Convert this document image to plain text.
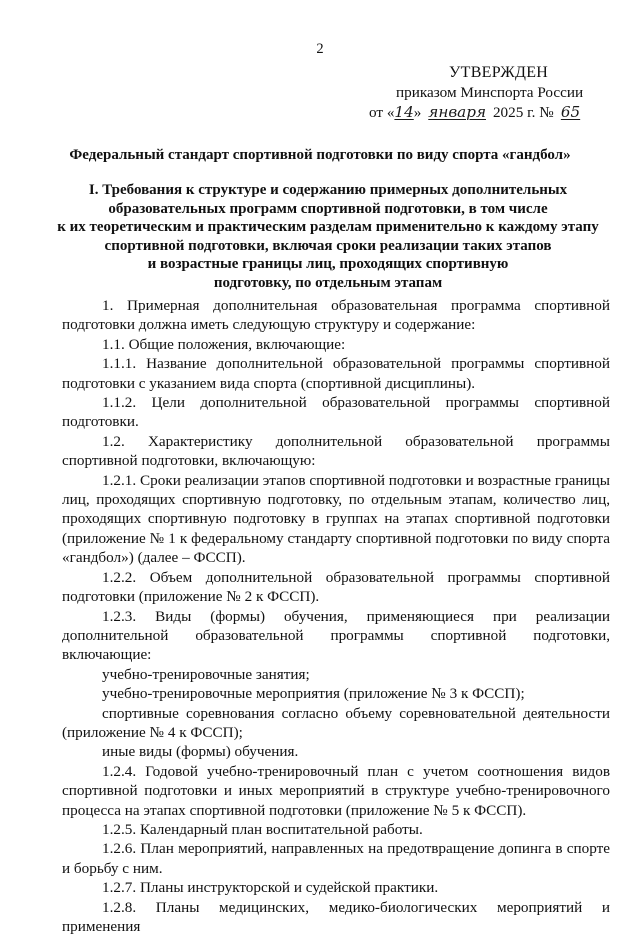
2
УТВЕРЖДЕН
приказом Минспорта России
от «14» января 2025 г. № 65
Федеральный стандарт спортивной подготовки по виду спорта «гандбол»
I. Требования к структуре и содержанию примерных дополнительных
образовательных программ спортивной подготовки, в том числе
к их теоретическим и практическим разделам применительно к каждому этапу
спортивной подготовки, включая сроки реализации таких этапов
и возрастные границы лиц, проходящих спортивную
подготовку, по отдельным этапам

1. Примерная дополнительная образовательная программа спортивной подготовки должна иметь следующую структуру и содержание:

1.1. Общие положения, включающие:

1.1.1. Название дополнительной образовательной программы спортивной подготовки с указанием вида спорта (спортивной дисциплины).

1.1.2. Цели дополнительной образовательной программы спортивной подготовки.

1.2. Характеристику дополнительной образовательной программы спортивной подготовки, включающую:

1.2.1. Сроки реализации этапов спортивной подготовки и возрастные границы лиц, проходящих спортивную подготовку, по отдельным этапам, количество лиц, проходящих спортивную подготовку в группах на этапах спортивной подготовки (приложение № 1 к федеральному стандарту спортивной подготовки по виду спорта «гандбол») (далее – ФССП).

1.2.2. Объем дополнительной образовательной программы спортивной подготовки (приложение № 2 к ФССП).

1.2.3. Виды (формы) обучения, применяющиеся при реализации дополнительной образовательной программы спортивной подготовки, включающие:

учебно-тренировочные занятия;

учебно-тренировочные мероприятия (приложение № 3 к ФССП);

спортивные соревнования согласно объему соревновательной деятельности (приложение № 4 к ФССП);

иные виды (формы) обучения.

1.2.4. Годовой учебно-тренировочный план с учетом соотношения видов спортивной подготовки и иных мероприятий в структуре учебно-тренировочного процесса на этапах спортивной подготовки (приложение № 5 к ФССП).

1.2.5. Календарный план воспитательной работы.

1.2.6. План мероприятий, направленных на предотвращение допинга в спорте и борьбу с ним.

1.2.7. Планы инструкторской и судейской практики.

1.2.8. Планы медицинских, медико-биологических мероприятий и применения
